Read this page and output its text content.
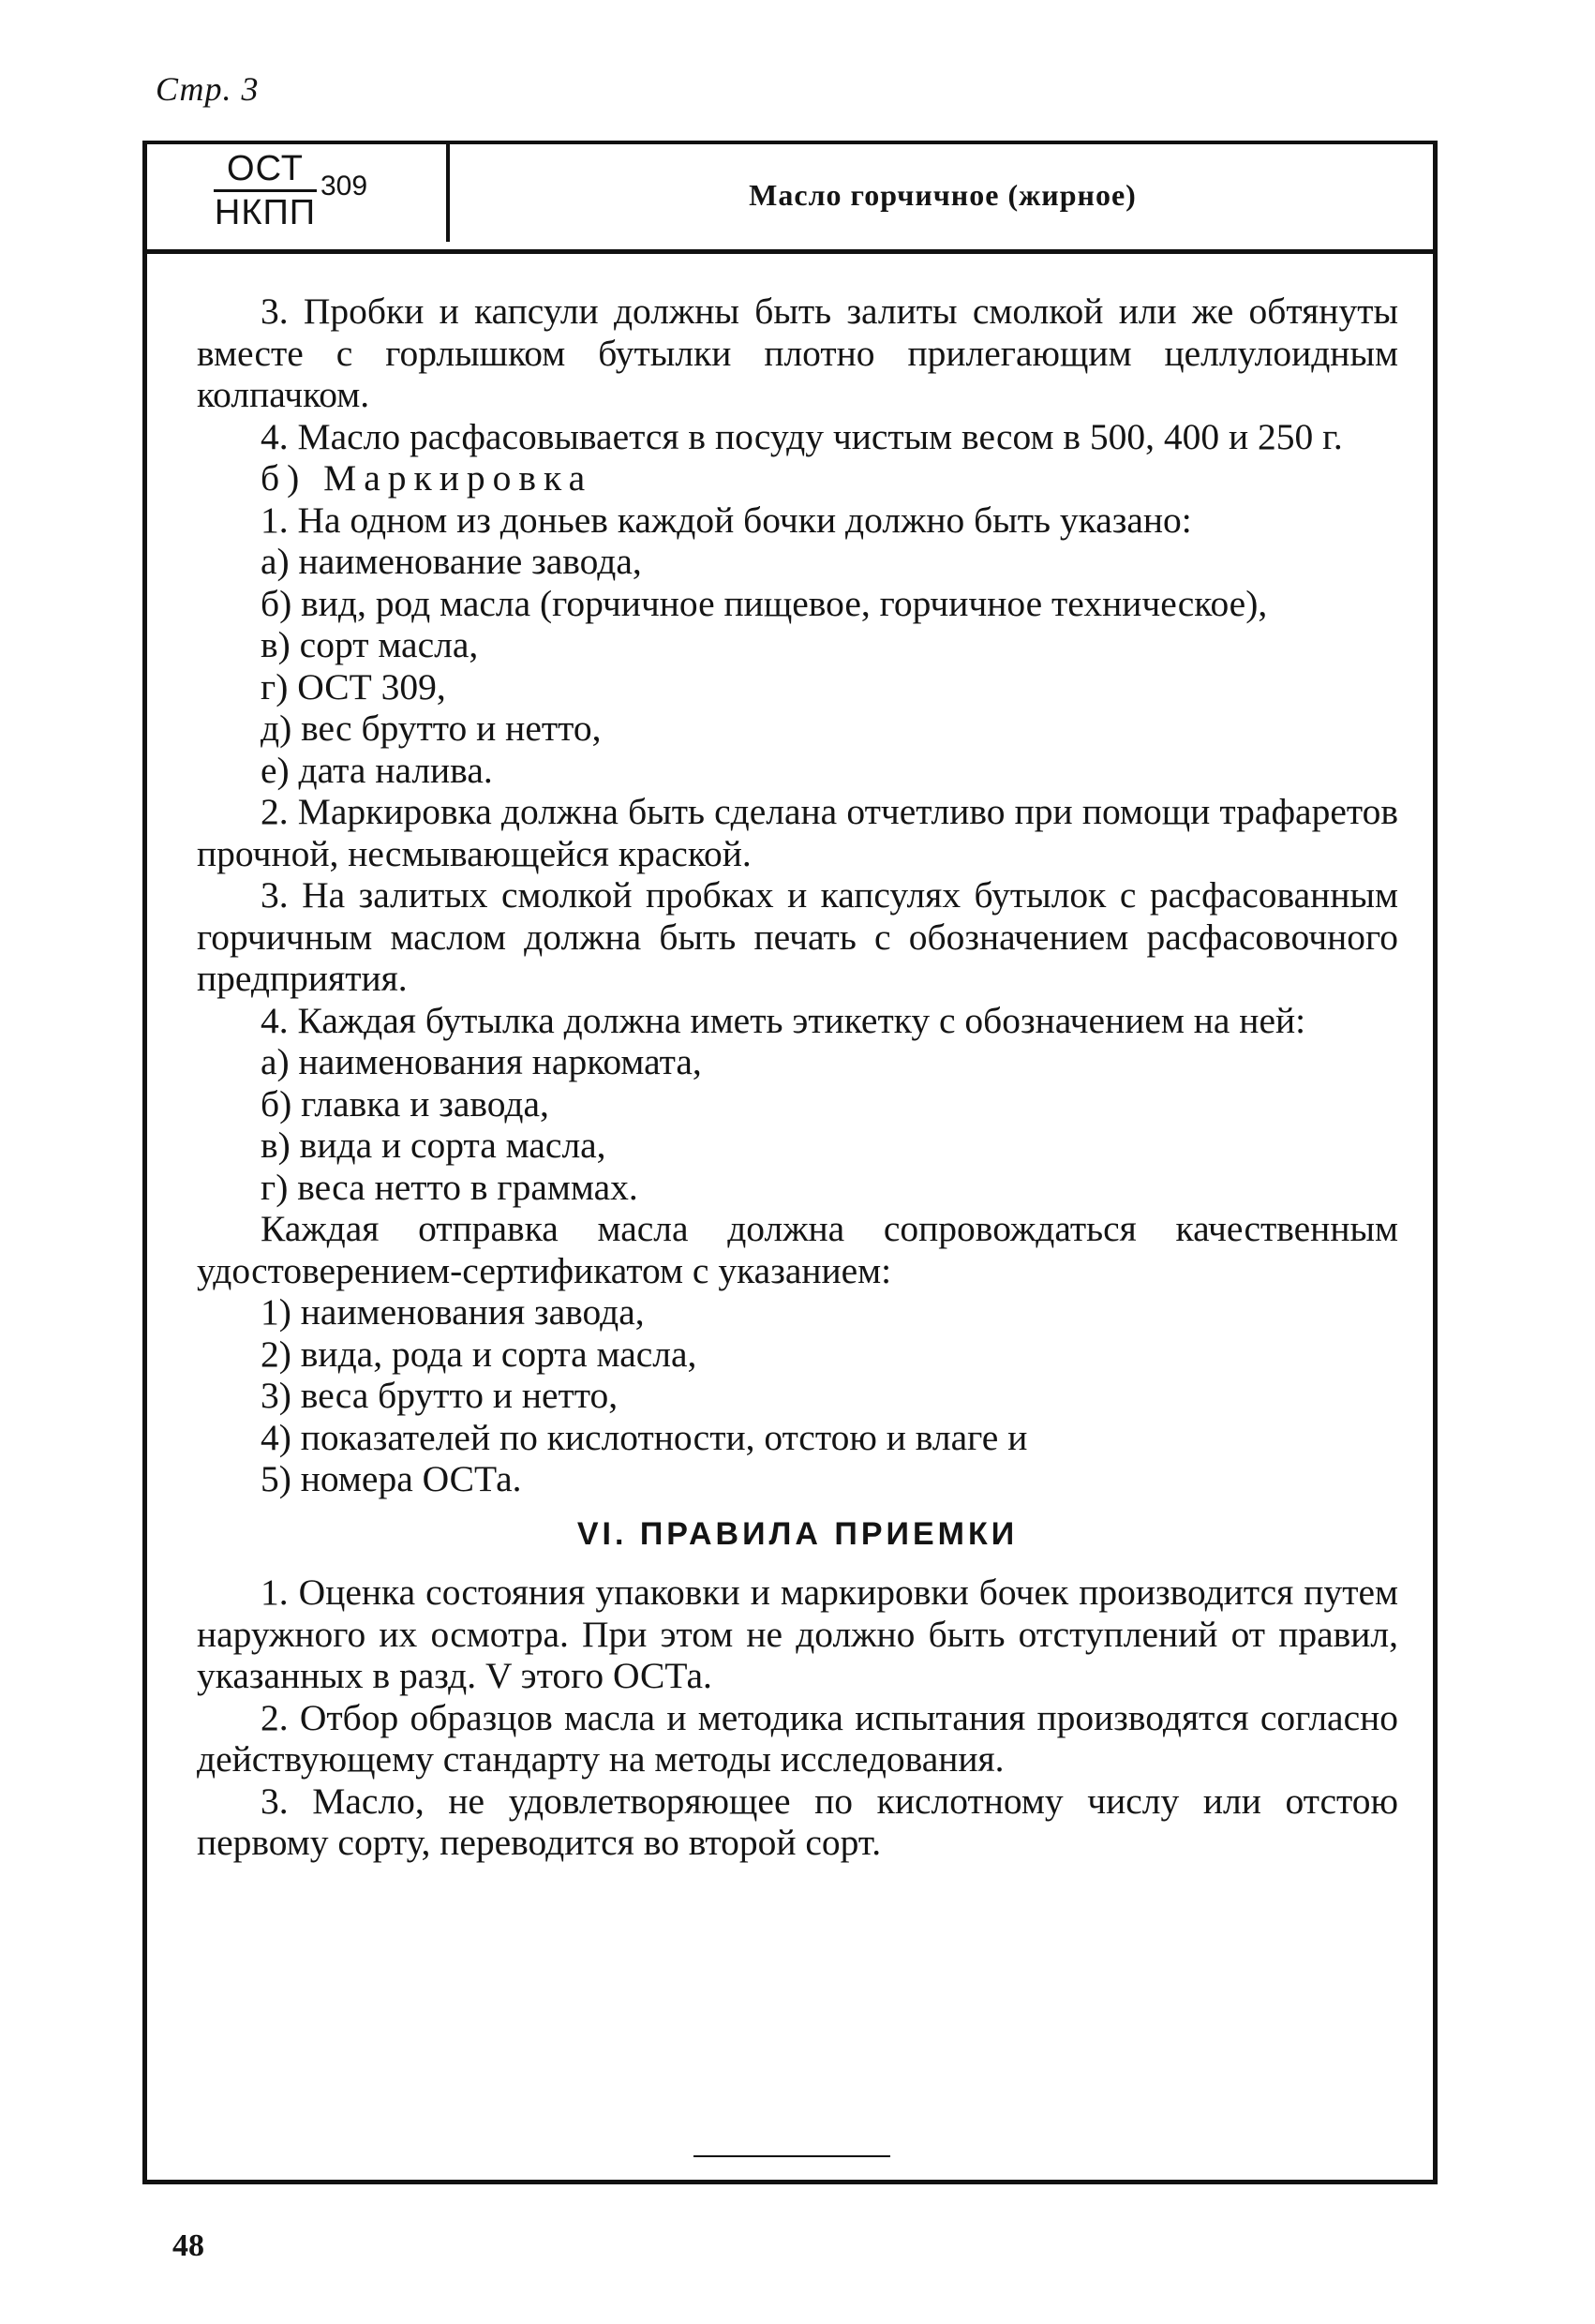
Стр. 3
ОСТ
НКПП
309	Масло горчичное (жирное)

3. Пробки и капсули должны быть залиты смолкой или же обтянуты вместе с горлышком бутылки плотно прилегающим целлулоидным колпачком.

4. Масло расфасовывается в посуду чистым весом в 500, 400 и 250 г.

б) Маркировка

1. На одном из доньев каждой бочки должно быть указано:

а) наименование завода,

б) вид, род масла (горчичное пищевое, горчичное техническое),

в) сорт масла,

г) ОСТ 309,

д) вес брутто и нетто,

е) дата налива.

2. Маркировка должна быть сделана отчетливо при помощи трафаретов прочной, несмывающейся краской.

3. На залитых смолкой пробках и капсулях бутылок с расфасованным горчичным маслом должна быть печать с обозначением расфасовочного предприятия.

4. Каждая бутылка должна иметь этикетку с обозначением на ней:

а) наименования наркомата,

б) главка и завода,

в) вида и сорта масла,

г) веса нетто в граммах.

Каждая отправка масла должна сопровождаться качественным удостоверением-сертификатом с указанием:

1) наименования завода,

2) вида, рода и сорта масла,

3) веса брутто и нетто,

4) показателей по кислотности, отстою и влаге и

5) номера ОСТа.

VI. ПРАВИЛА ПРИЕМКИ

1. Оценка состояния упаковки и маркировки бочек производится путем наружного их осмотра. При этом не должно быть отступлений от правил, указанных в разд. V этого ОСТа.

2. Отбор образцов масла и методика испытания производятся согласно действующему стандарту на методы исследования.

3. Масло, не удовлетворяющее по кислотному числу или отстою первому сорту, переводится во второй сорт.

48
